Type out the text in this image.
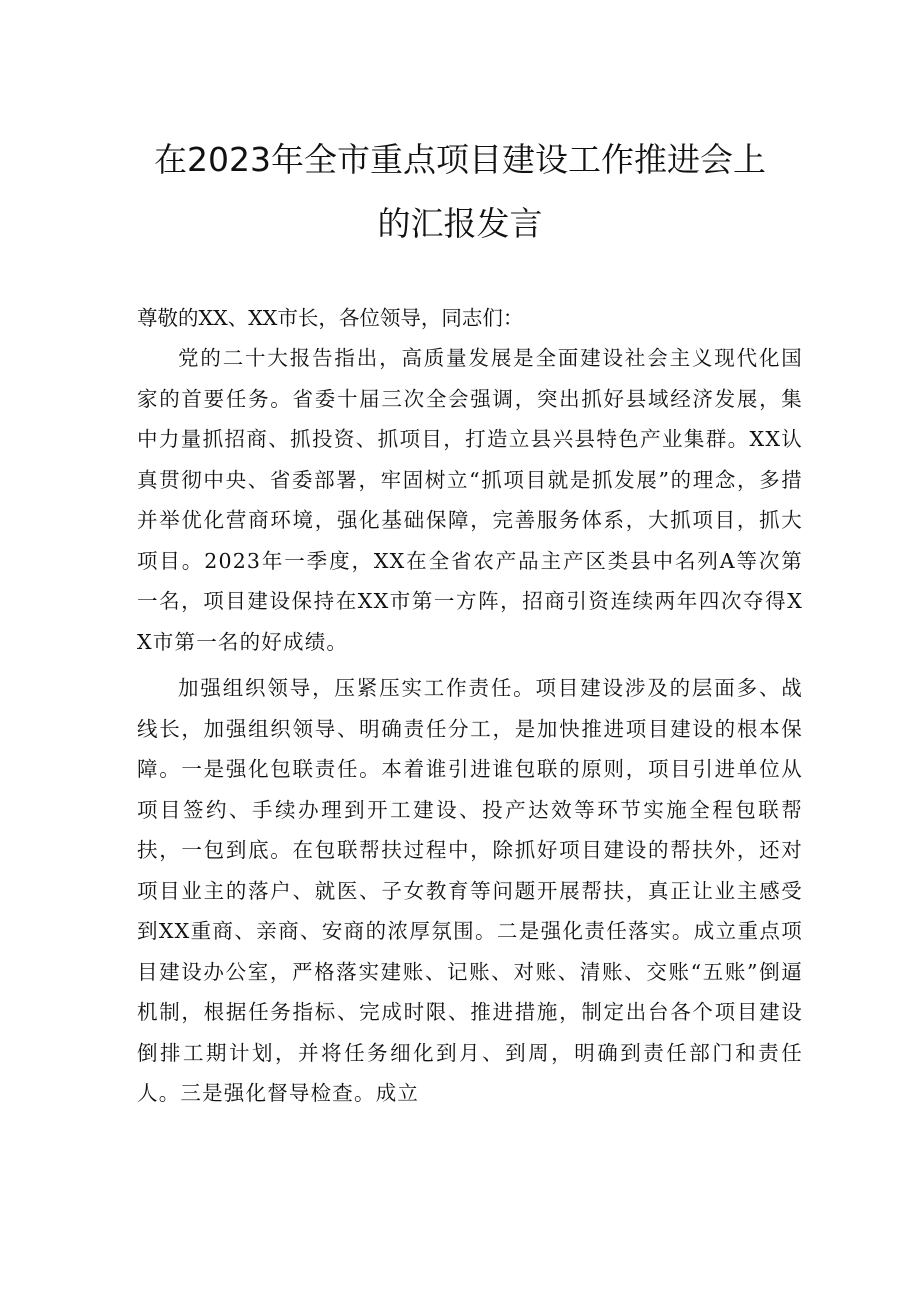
在2023年全市重点项目建设工作推进会上
的汇报发言

尊敬的XX、XX市长，各位领导，同志们：

党的二十大报告指出，高质量发展是全面建设社会主义现代化国家的首要任务。省委十届三次全会强调，突出抓好县域经济发展，集中力量抓招商、抓投资、抓项目，打造立县兴县特色产业集群。XX认真贯彻中央、省委部署，牢固树立“抓项目就是抓发展”的理念，多措并举优化营商环境，强化基础保障，完善服务体系，大抓项目，抓大项目。2023年一季度，XX在全省农产品主产区类县中名列A等次第一名，项目建设保持在XX市第一方阵，招商引资连续两年四次夺得XX市第一名的好成绩。

加强组织领导，压紧压实工作责任。项目建设涉及的层面多、战线长，加强组织领导、明确责任分工，是加快推进项目建设的根本保障。一是强化包联责任。本着谁引进谁包联的原则，项目引进单位从项目签约、手续办理到开工建设、投产达效等环节实施全程包联帮扶，一包到底。在包联帮扶过程中，除抓好项目建设的帮扶外，还对项目业主的落户、就医、子女教育等问题开展帮扶，真正让业主感受到XX重商、亲商、安商的浓厚氛围。二是强化责任落实。成立重点项目建设办公室，严格落实建账、记账、对账、清账、交账“五账”倒逼机制，根据任务指标、完成时限、推进措施，制定出台各个项目建设倒排工期计划，并将任务细化到月、到周，明确到责任部门和责任人。三是强化督导检查。成立
